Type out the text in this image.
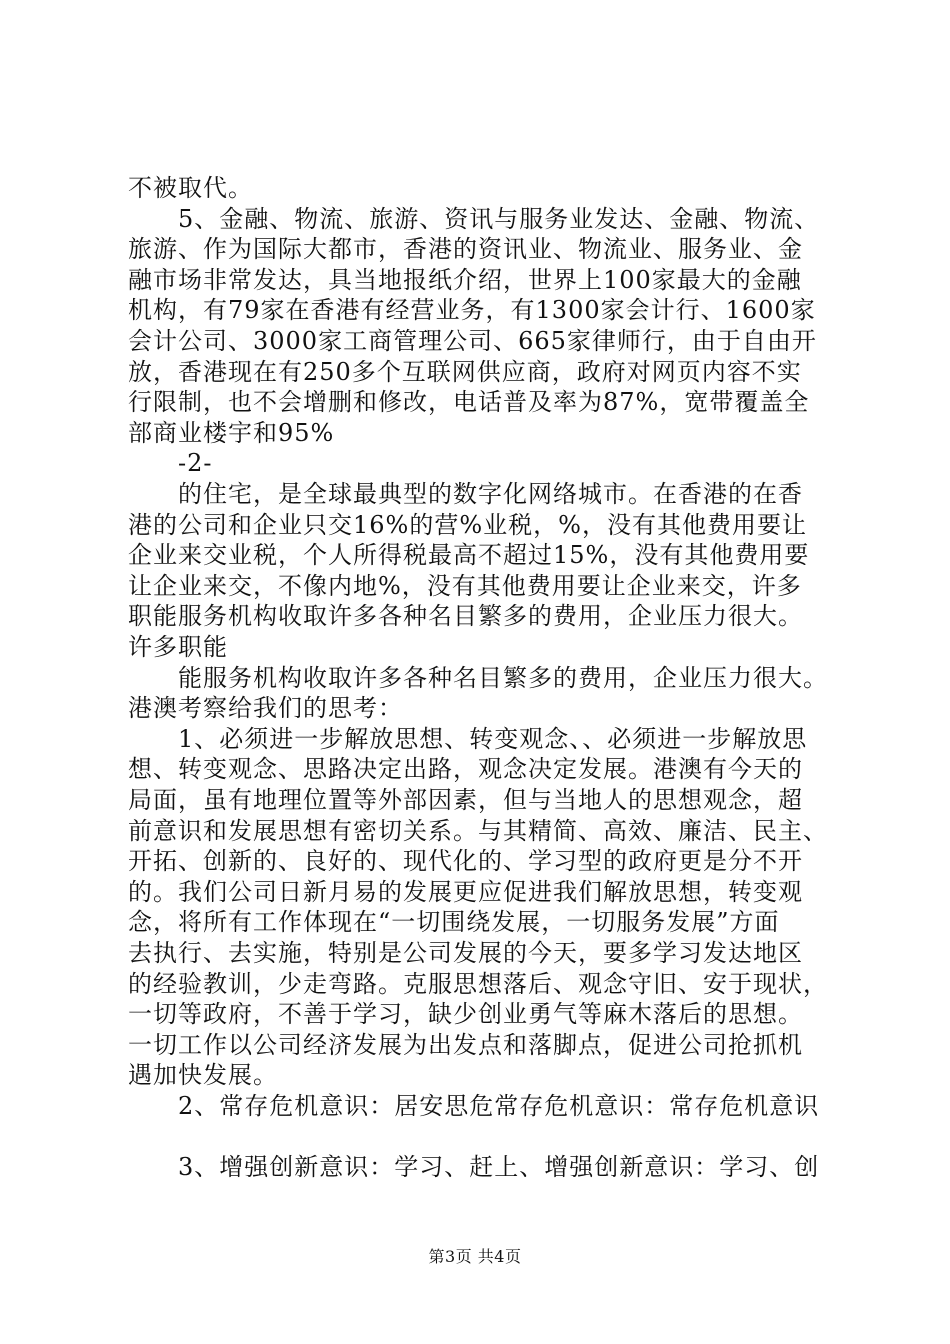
不被取代。
　　5、金融、物流、旅游、资讯与服务业发达、金融、物流、
旅游、作为国际大都市，香港的资讯业、物流业、服务业、金
融市场非常发达，具当地报纸介绍，世界上100家最大的金融
机构，有79家在香港有经营业务，有1300家会计行、1600家
会计公司、3000家工商管理公司、665家律师行，由于自由开
放，香港现在有250多个互联网供应商，政府对网页内容不实
行限制，也不会增删和修改，电话普及率为87%，宽带覆盖全
部商业楼宇和95%
　　-2-
　　的住宅，是全球最典型的数字化网络城市。在香港的在香
港的公司和企业只交16%的营%业税，%，没有其他费用要让
企业来交业税，个人所得税最高不超过15%，没有其他费用要
让企业来交，不像内地%，没有其他费用要让企业来交，许多
职能服务机构收取许多各种名目繁多的费用，企业压力很大。
许多职能
　　能服务机构收取许多各种名目繁多的费用，企业压力很大。
港澳考察给我们的思考：
　　1、必须进一步解放思想、转变观念、、必须进一步解放思
想、转变观念、思路决定出路，观念决定发展。港澳有今天的
局面，虽有地理位置等外部因素，但与当地人的思想观念，超
前意识和发展思想有密切关系。与其精简、高效、廉洁、民主、
开拓、创新的、良好的、现代化的、学习型的政府更是分不开
的。我们公司日新月易的发展更应促进我们解放思想，转变观
念，将所有工作体现在“一切围绕发展，一切服务发展”方面
去执行、去实施，特别是公司发展的今天，要多学习发达地区
的经验教训，少走弯路。克服思想落后、观念守旧、安于现状，
一切等政府，不善于学习，缺少创业勇气等麻木落后的思想。
一切工作以公司经济发展为出发点和落脚点，促进公司抢抓机
遇加快发展。
　　2、常存危机意识：居安思危常存危机意识：常存危机意识
　　3、增强创新意识：学习、赶上、增强创新意识：学习、创
第3页 共4页
